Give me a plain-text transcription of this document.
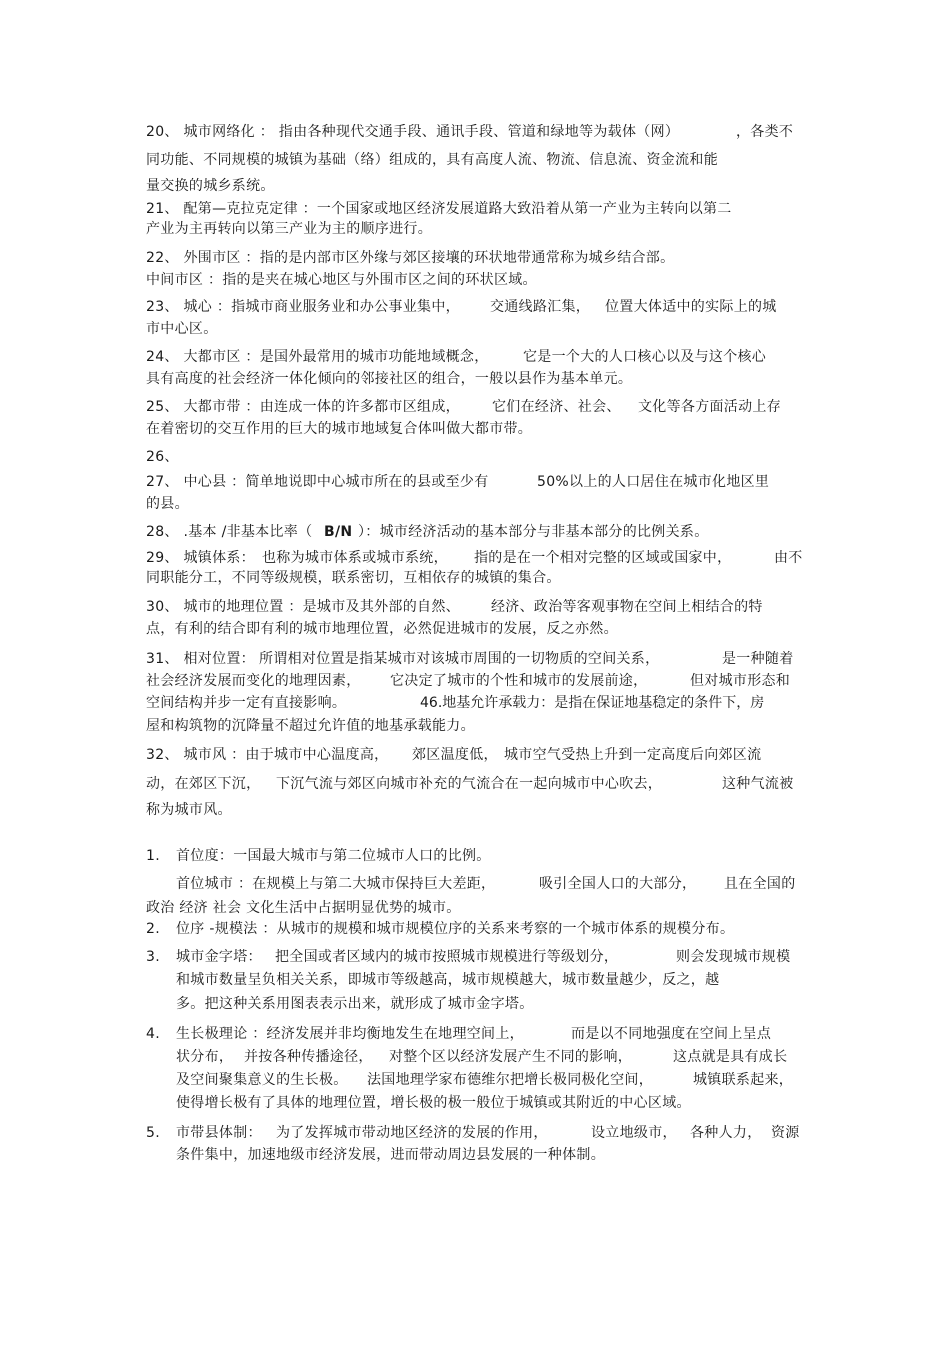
20、 城市网络化 ： 指由各种现代交通手段、通讯手段、管道和绿地等为载体（网）	，各类不
同功能、不同规模的城镇为基础（络）组成的，具有高度人流、物流、信息流、资金流和能
量交换的城乡系统。
21、 配第—克拉克定律 ：一个国家或地区经济发展道路大致沿着从第一产业为主转向以第二
产业为主再转向以第三产业为主的顺序进行。
22、 外围市区 ：指的是内部市区外缘与郊区接壤的环状地带通常称为城乡结合部。
中间市区 ：指的是夹在城心地区与外围市区之间的环状区域。
23、 城心 ：指城市商业服务业和办公事业集中， 交通线路汇集， 位置大体适中的实际上的城
市中心区。
24、 大都市区 ：是国外最常用的城市功能地域概念， 它是一个大的人口核心以及与这个核心
具有高度的社会经济一体化倾向的邻接社区的组合，一般以县作为基本单元。
25、 大都市带 ：由连成一体的许多都市区组成， 它们在经济、社会、 文化等各方面活动上存
在着密切的交互作用的巨大的城市地域复合体叫做大都市带。
26、
27、 中心县 ：简单地说即中心城市所在的县或至少有	50%以上的人口居住在城市化地区里
的县。
28、 .基本 /非基本比率（ B/N ）：城市经济活动的基本部分与非基本部分的比例关系。
29、 城镇体系： 也称为城市体系或城市系统， 指的是在一个相对完整的区域或国家中，	由不
同职能分工，不同等级规模，联系密切，互相依存的城镇的集合。
30、 城市的地理位置 ：是城市及其外部的自然、 经济、政治等客观事物在空间上相结合的特
点，有利的结合即有利的城市地理位置，必然促进城市的发展，反之亦然。
31、 相对位置： 所谓相对位置是指某城市对该城市周围的一切物质的空间关系，	是一种随着
社会经济发展而变化的地理因素， 它决定了城市的个性和城市的发展前途，	但对城市形态和
空间结构并步一定有直接影响。	46.地基允许承载力：是指在保证地基稳定的条件下，房
屋和构筑物的沉降量不超过允许值的地基承载能力。
32、 城市风 ：由于城市中心温度高， 郊区温度低， 城市空气受热上升到一定高度后向郊区流
动，在郊区下沉， 下沉气流与郊区向城市补充的气流合在一起向城市中心吹去，	这种气流被
称为城市风。
1. 首位度：一国最大城市与第二位城市人口的比例。
首位城市 ：在规模上与第二大城市保持巨大差距，	吸引全国人口的大部分， 且在全国的
政治 经济 社会 文化生活中占据明显优势的城市。
2. 位序 -规模法 ：从城市的规模和城市规模位序的关系来考察的一个城市体系的规模分布。
3. 城市金字塔： 把全国或者区域内的城市按照城市规模进行等级划分，	则会发现城市规模
和城市数量呈负相关关系，即城市等级越高，城市规模越大，城市数量越少，反之，越
多。把这种关系用图表表示出来，就形成了城市金字塔。
4. 生长极理论 ：经济发展并非均衡地发生在地理空间上，	而是以不同地强度在空间上呈点
状分布， 并按各种传播途径， 对整个区以经济发展产生不同的影响，	这点就是具有成长
及空间聚集意义的生长极。 法国地理学家布德维尔把增长极同极化空间，	城镇联系起来，
使得增长极有了具体的地理位置，增长极的极一般位于城镇或其附近的中心区域。
5. 市带县体制： 为了发挥城市带动地区经济的发展的作用，	设立地级市， 各种人力， 资源
条件集中，加速地级市经济发展，进而带动周边县发展的一种体制。
